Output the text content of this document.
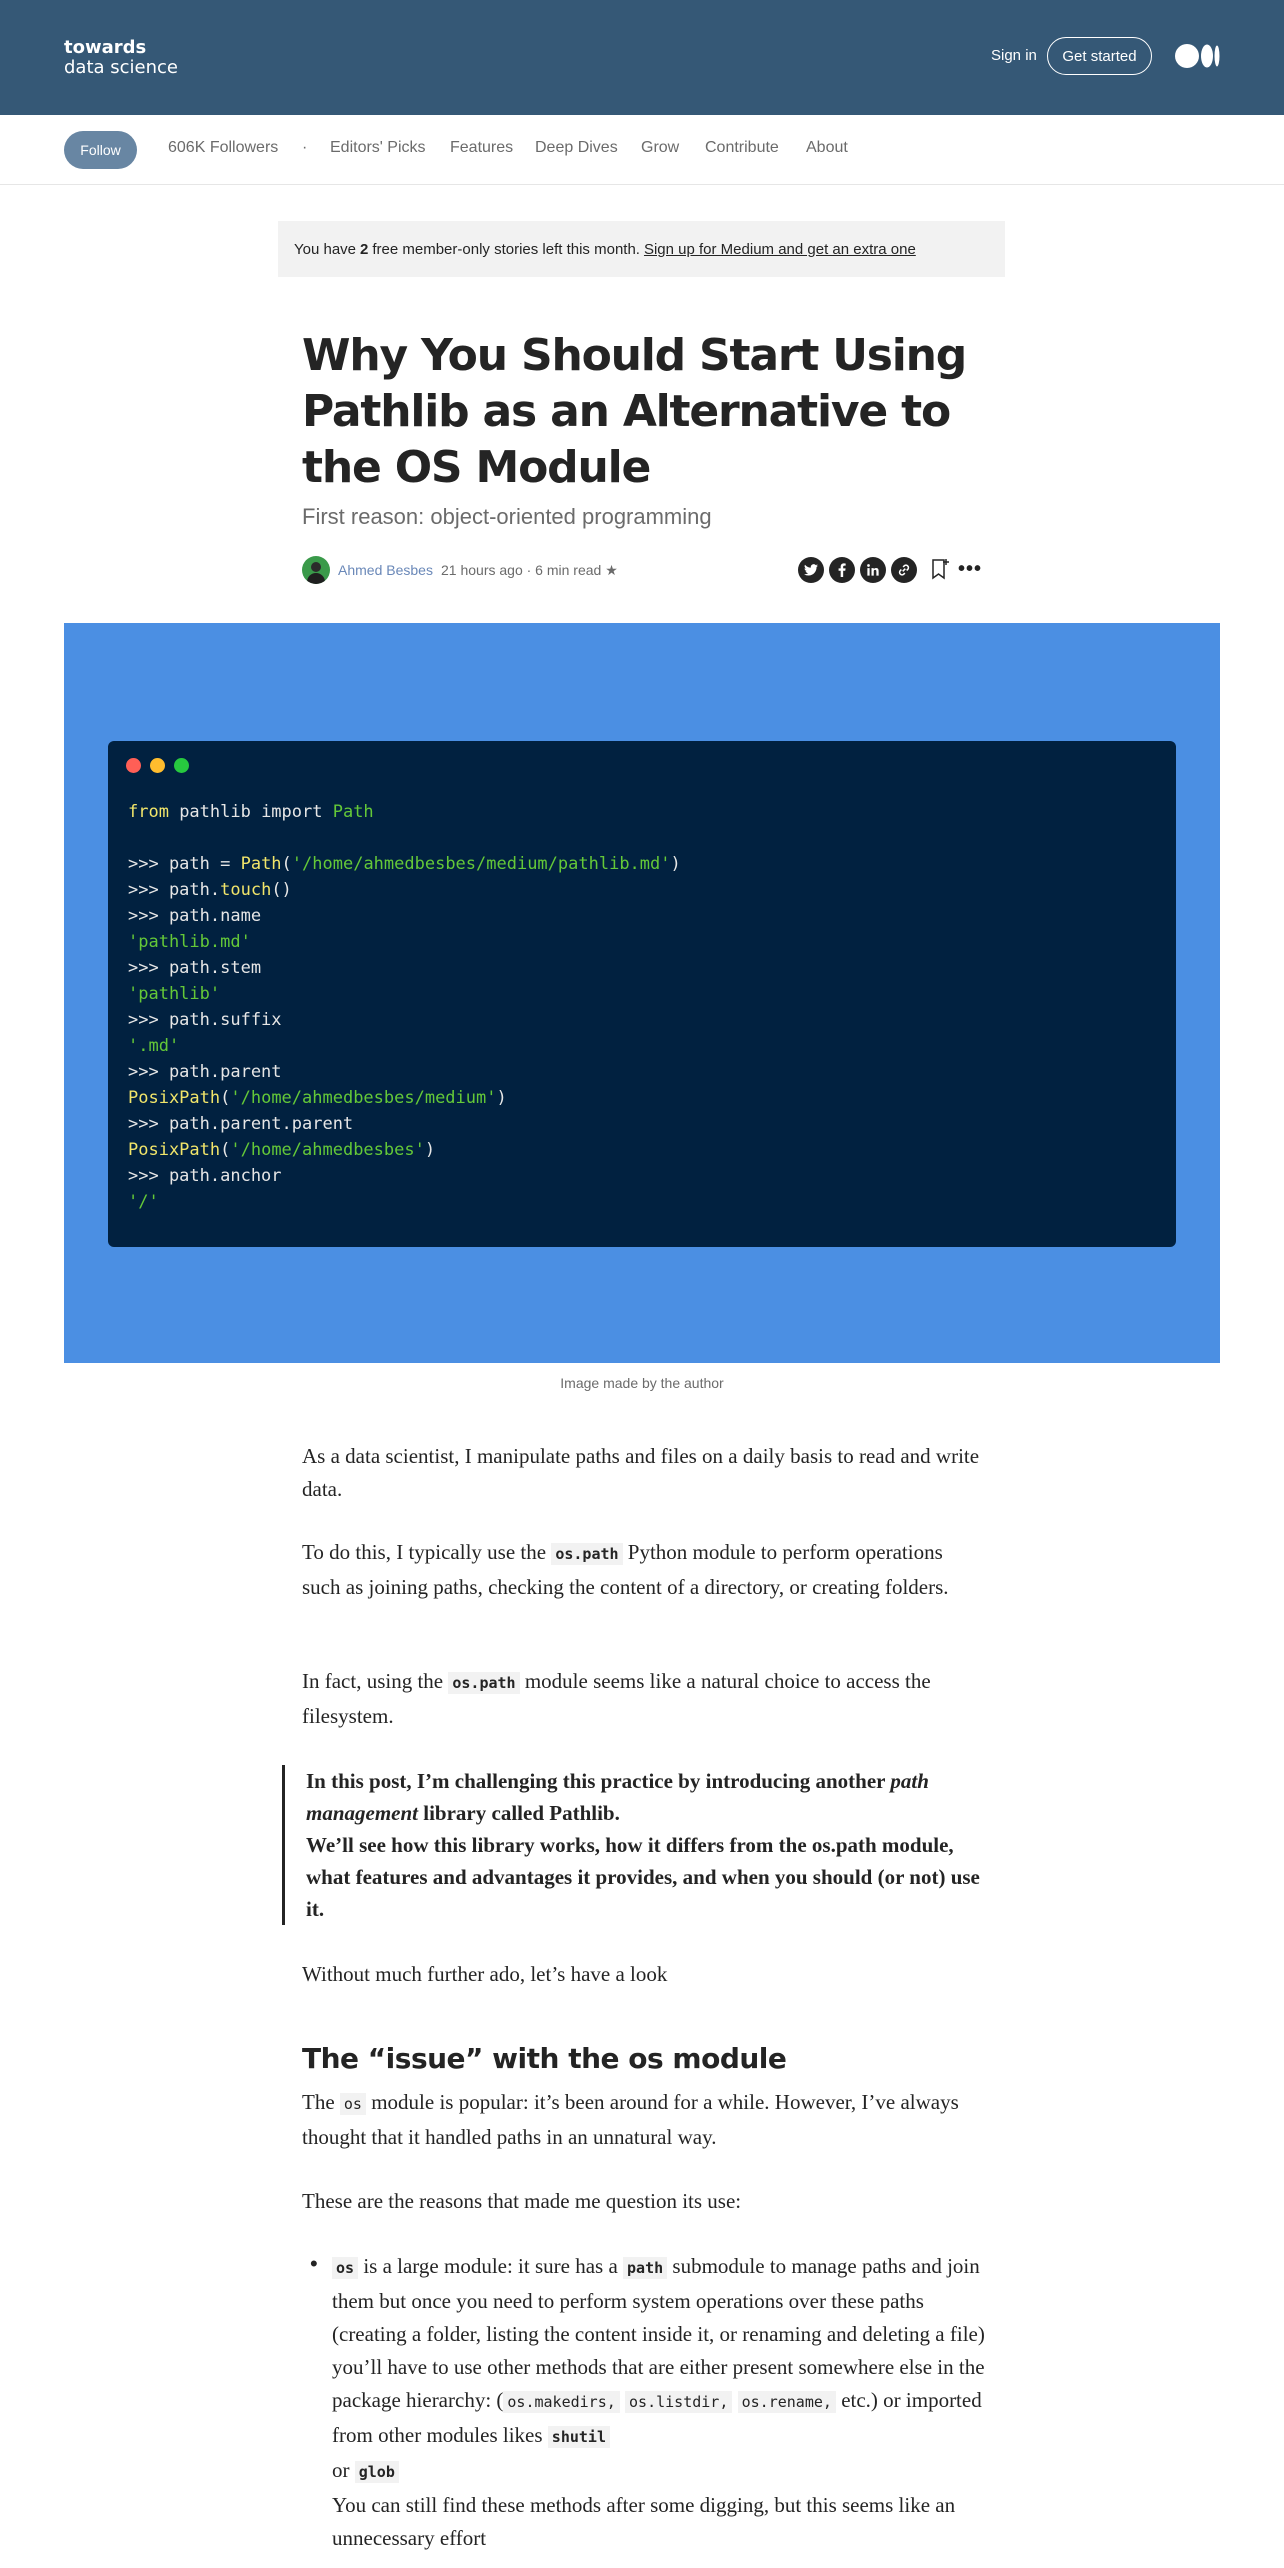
towards
data science
Sign in	Get started
Follow	606K Followers · Editors' Picks Features Deep Dives Grow Contribute About
You have 2 free member-only stories left this month. Sign up for Medium and get an extra one
Why You Should Start Using Pathlib as an Alternative to the OS Module
First reason: object-oriented programming
Ahmed Besbes 21 hours ago · 6 min read ★	•••
from pathlib import Path
>>> path = Path('/home/ahmedbesbes/medium/pathlib.md')
>>> path.touch()
>>> path.name
'pathlib.md'
>>> path.stem
'pathlib'
>>> path.suffix
'.md'
>>> path.parent
PosixPath('/home/ahmedbesbes/medium')
>>> path.parent.parent
PosixPath('/home/ahmedbesbes')
>>> path.anchor
'/'
Image made by the author

As a data scientist, I manipulate paths and files on a daily basis to read and write data.

To do this, I typically use the os.path Python module to perform operations such as joining paths, checking the content of a directory, or creating folders.

In fact, using the os.path module seems like a natural choice to access the filesystem.

In this post, I’m challenging this practice by introducing another path management library called Pathlib.
We’ll see how this library works, how it differs from the os.path module, what features and advantages it provides, and when you should (or not) use it.

Without much further ado, let’s have a look

The “issue” with the os module

The os module is popular: it’s been around for a while. However, I’ve always thought that it handled paths in an unnatural way.

These are the reasons that made me question its use:

• os is a large module: it sure has a path submodule to manage paths and join them but once you need to perform system operations over these paths (creating a folder, listing the content inside it, or renaming and deleting a file) you’ll have to use other methods that are either present somewhere else in the package hierarchy: ( os.makedirs, os.listdir, os.rename, etc.) or imported from other modules likes shutil
or glob
You can still find these methods after some digging, but this seems like an unnecessary effort
